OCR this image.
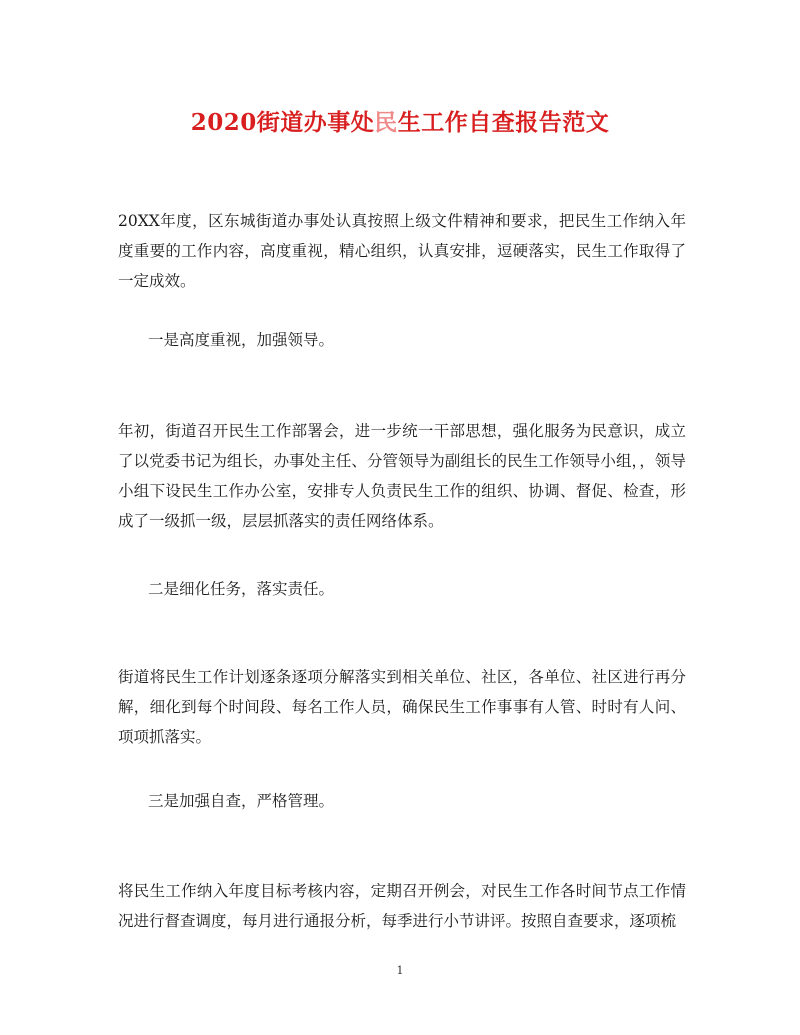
2020街道办事处民生工作自查报告范文

20XX年度，区东城街道办事处认真按照上级文件精神和要求，把民生工作纳入年度重要的工作内容，高度重视，精心组织，认真安排，逗硬落实，民生工作取得了一定成效。

一是高度重视，加强领导。

年初，街道召开民生工作部署会，进一步统一干部思想，强化服务为民意识，成立了以党委书记为组长，办事处主任、分管领导为副组长的民生工作领导小组，，领导小组下设民生工作办公室，安排专人负责民生工作的组织、协调、督促、检查，形成了一级抓一级，层层抓落实的责任网络体系。

二是细化任务，落实责任。

街道将民生工作计划逐条逐项分解落实到相关单位、社区，各单位、社区进行再分解，细化到每个时间段、每名工作人员，确保民生工作事事有人管、时时有人问、项项抓落实。

三是加强自查，严格管理。

将民生工作纳入年度目标考核内容，定期召开例会，对民生工作各时间节点工作情况进行督查调度，每月进行通报分析，每季进行小节讲评。按照自查要求，逐项梳

1
